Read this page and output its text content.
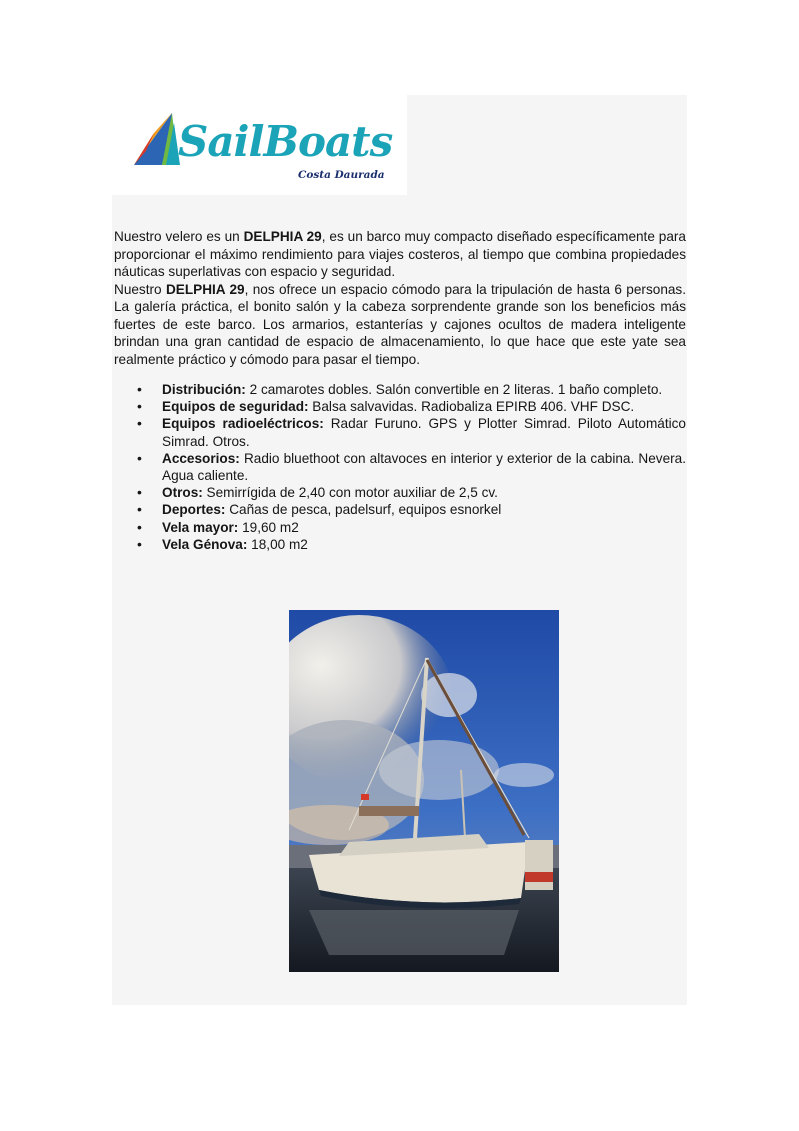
SailBoats
Costa Daurada

Nuestro velero es un DELPHIA 29, es un barco muy compacto diseñado específicamente para proporcionar el máximo rendimiento para viajes costeros, al tiempo que combina propiedades náuticas superlativas con espacio y seguridad.

Nuestro DELPHIA 29, nos ofrece un espacio cómodo para la tripulación de hasta 6 personas. La galería práctica, el bonito salón y la cabeza sorprendente grande son los beneficios más fuertes de este barco. Los armarios, estanterías y cajones ocultos de madera inteligente brindan una gran cantidad de espacio de almacenamiento, lo que hace que este yate sea realmente práctico y cómodo para pasar el tiempo.

• Distribución: 2 camarotes dobles. Salón convertible en 2 literas. 1 baño completo.
• Equipos de seguridad: Balsa salvavidas. Radiobaliza EPIRB 406. VHF DSC.
• Equipos radioeléctricos: Radar Furuno. GPS y Plotter Simrad. Piloto Automático Simrad. Otros.
• Accesorios: Radio bluethoot con altavoces en interior y exterior de la cabina. Nevera. Agua caliente.
• Otros: Semirrígida de 2,40 con motor auxiliar de 2,5 cv.
• Deportes: Cañas de pesca, padelsurf, equipos esnorkel
• Vela mayor: 19,60 m2
• Vela Génova: 18,00 m2
